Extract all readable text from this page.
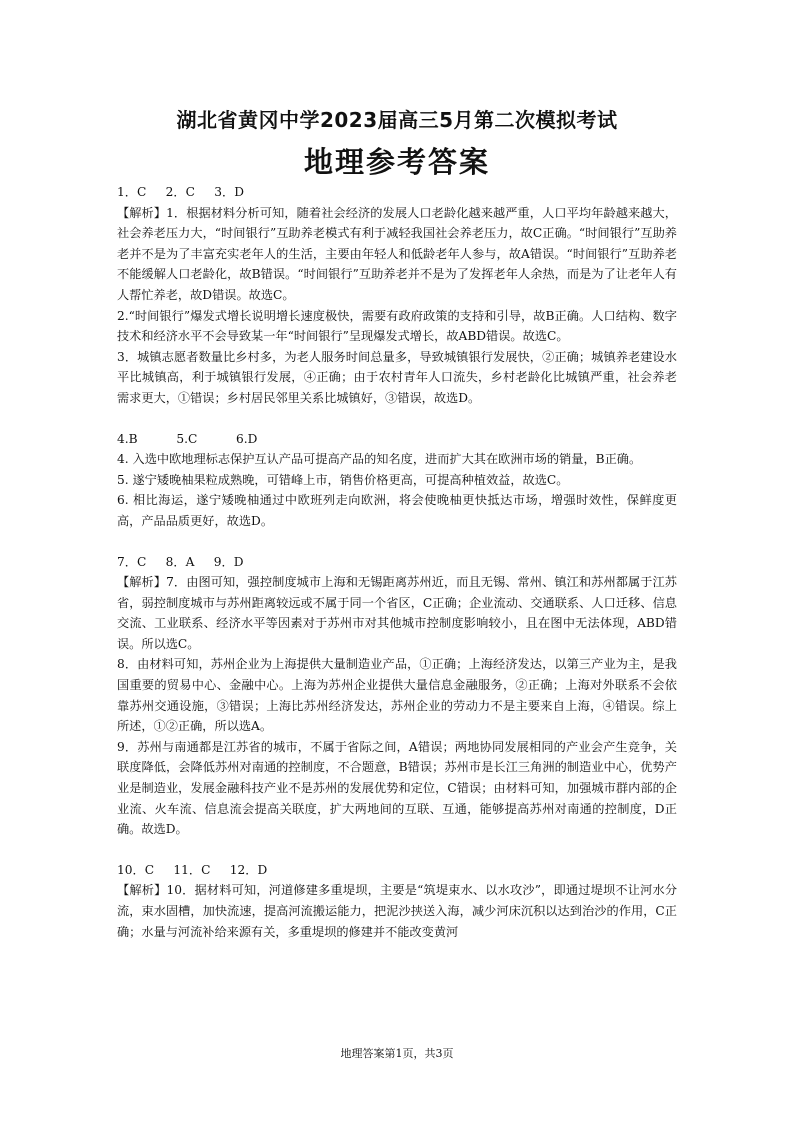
湖北省黄冈中学2023届高三5月第二次模拟考试
地理参考答案
1．C     2．C     3．D

【解析】1．根据材料分析可知，随着社会经济的发展人口老龄化越来越严重，人口平均年龄越来越大，社会养老压力大，“时间银行”互助养老模式有利于减轻我国社会养老压力，故C正确。“时间银行”互助养老并不是为了丰富充实老年人的生活，主要由年轻人和低龄老年人参与，故A错误。“时间银行”互助养老不能缓解人口老龄化，故B错误。“时间银行”互助养老并不是为了发挥老年人余热，而是为了让老年人有人帮忙养老，故D错误。故选C。

2.“时间银行”爆发式增长说明增长速度极快，需要有政府政策的支持和引导，故B正确。人口结构、数字技术和经济水平不会导致某一年“时间银行”呈现爆发式增长，故ABD错误。故选C。

3．城镇志愿者数量比乡村多，为老人服务时间总量多，导致城镇银行发展快，②正确；城镇养老建设水平比城镇高，利于城镇银行发展，④正确；由于农村青年人口流失，乡村老龄化比城镇严重，社会养老需求更大，①错误；乡村居民邻里关系比城镇好，③错误，故选D。

4.B          5.C          6.D

4. 入选中欧地理标志保护互认产品可提高产品的知名度，进而扩大其在欧洲市场的销量，B正确。

5. 遂宁矮晚柚果粒成熟晚，可错峰上市，销售价格更高，可提高种植效益，故选C。

6. 相比海运，遂宁矮晚柚通过中欧班列走向欧洲，将会使晚柚更快抵达市场，增强时效性，保鲜度更高，产品品质更好，故选D。

7．C     8．A     9．D

【解析】7．由图可知，强控制度城市上海和无锡距离苏州近，而且无锡、常州、镇江和苏州都属于江苏省，弱控制度城市与苏州距离较远或不属于同一个省区，C正确；企业流动、交通联系、人口迁移、信息交流、工业联系、经济水平等因素对于苏州市对其他城市控制度影响较小，且在图中无法体现，ABD错误。所以选C。

8．由材料可知，苏州企业为上海提供大量制造业产品，①正确；上海经济发达，以第三产业为主，是我国重要的贸易中心、金融中心。上海为苏州企业提供大量信息金融服务，②正确；上海对外联系不会依靠苏州交通设施，③错误；上海比苏州经济发达，苏州企业的劳动力不是主要来自上海，④错误。综上所述，①②正确，所以选A。

9．苏州与南通都是江苏省的城市，不属于省际之间，A错误；两地协同发展相同的产业会产生竞争，关联度降低，会降低苏州对南通的控制度，不合题意，B错误；苏州市是长江三角洲的制造业中心，优势产业是制造业，发展金融科技产业不是苏州的发展优势和定位，C错误；由材料可知，加强城市群内部的企业流、火车流、信息流会提高关联度，扩大两地间的互联、互通，能够提高苏州对南通的控制度，D正确。故选D。

10．C     11．C     12．D

【解析】10．据材料可知，河道修建多重堤坝，主要是“筑堤束水、以水攻沙”，即通过堤坝不让河水分流，束水固槽，加快流速，提高河流搬运能力，把泥沙挟送入海，减少河床沉积以达到治沙的作用，C正确；水量与河流补给来源有关，多重堤坝的修建并不能改变黄河

地理答案第1页，共3页
